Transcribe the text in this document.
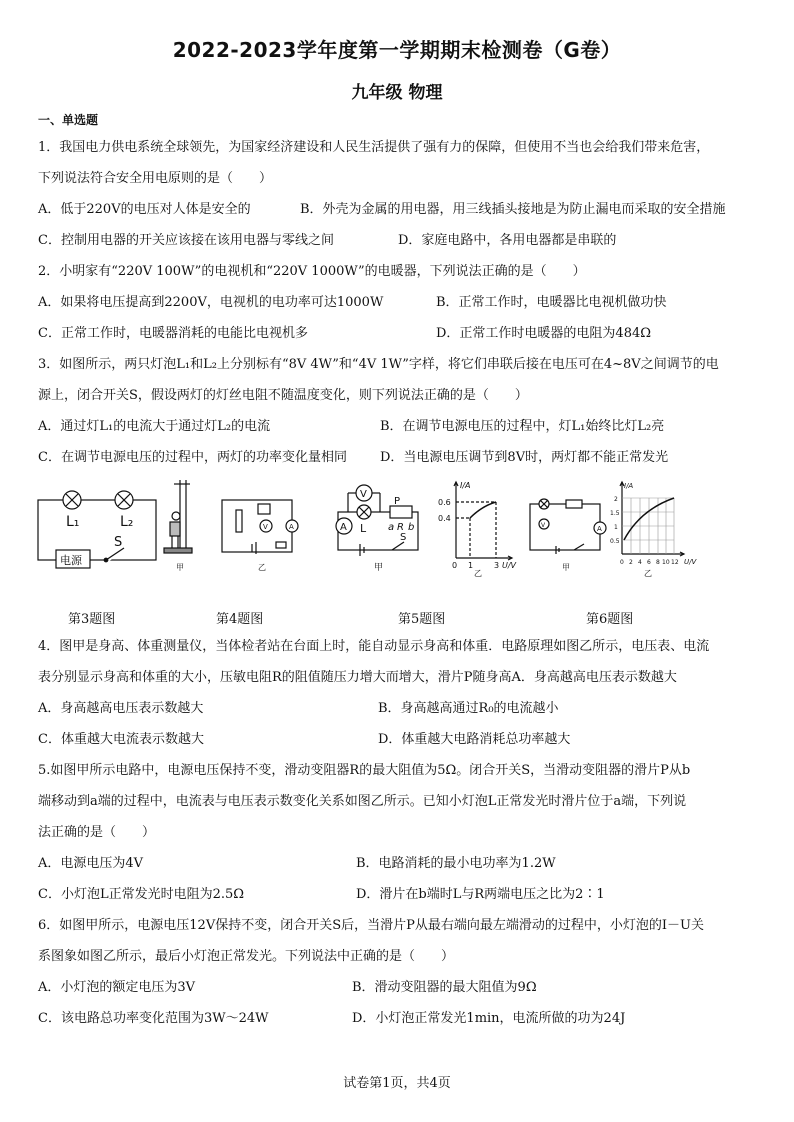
2022-2023学年度第一学期期末检测卷（G卷）
九年级 物理
一、单选题
1．我国电力供电系统全球领先，为国家经济建设和人民生活提供了强有力的保障，但使用不当也会给我们带来危害，
下列说法符合安全用电原则的是（　　）
A．低于220V的电压对人体是安全的	B．外壳为金属的用电器，用三线插头接地是为防止漏电而采取的安全措施
C．控制用电器的开关应该接在该用电器与零线之间	D．家庭电路中，各用电器都是串联的
2．小明家有“220V 100W”的电视机和“220V 1000W”的电暖器，下列说法正确的是（　　）
A．如果将电压提高到2200V，电视机的电功率可达1000W	B．正常工作时，电暖器比电视机做功快
C．正常工作时，电暖器消耗的电能比电视机多	D．正常工作时电暖器的电阻为484Ω
3．如图所示，两只灯泡L₁和L₂上分别标有“8V 4W”和“4V 1W”字样，将它们串联后接在电压可在4~8V之间调节的电
源上，闭合开关S，假设两灯的灯丝电阻不随温度变化，则下列说法正确的是（　　）
A．通过灯L₁的电流大于通过灯L₂的电流	B．在调节电源电压的过程中，灯L₁始终比灯L₂亮
C．在调节电源电压的过程中，两灯的功率变化量相同	D．当电源电压调节到8V时，两灯都不能正常发光
L₁	L₂
电源
S
甲
V	A
乙
V
A L
P
a R b
S
甲
I/A
0.6
0.4
0 1	3 U/V
乙
V	A
甲
I/A
0 2 4 6 8 10 12 U/V
2
1.5
1
0.5
乙
第3题图	第4题图	第5题图	第6题图
4．图甲是身高、体重测量仪，当体检者站在台面上时，能自动显示身高和体重．电路原理如图乙所示，电压表、电流
表分别显示身高和体重的大小，压敏电阻R的阻值随压力增大而增大，滑片P随身高A．身高越高电压表示数越大
A．身高越高电压表示数越大	B．身高越高通过R₀的电流越小
C．体重越大电流表示数越大	D．体重越大电路消耗总功率越大
5.如图甲所示电路中，电源电压保持不变，滑动变阻器R的最大阻值为5Ω。闭合开关S，当滑动变阻器的滑片P从b
端移动到a端的过程中，电流表与电压表示数变化关系如图乙所示。已知小灯泡L正常发光时滑片位于a端，下列说
法正确的是（　　）
A．电源电压为4V	B．电路消耗的最小电功率为1.2W
C．小灯泡L正常发光时电阻为2.5Ω	D．滑片在b端时L与R两端电压之比为2∶1
6．如图甲所示，电源电压12V保持不变，闭合开关S后，当滑片P从最右端向最左端滑动的过程中，小灯泡的I－U关
系图象如图乙所示，最后小灯泡正常发光。下列说法中正确的是（　　）
A．小灯泡的额定电压为3V	B．滑动变阻器的最大阻值为9Ω
C．该电路总功率变化范围为3W～24W	D．小灯泡正常发光1min，电流所做的功为24J
试卷第1页，共4页
